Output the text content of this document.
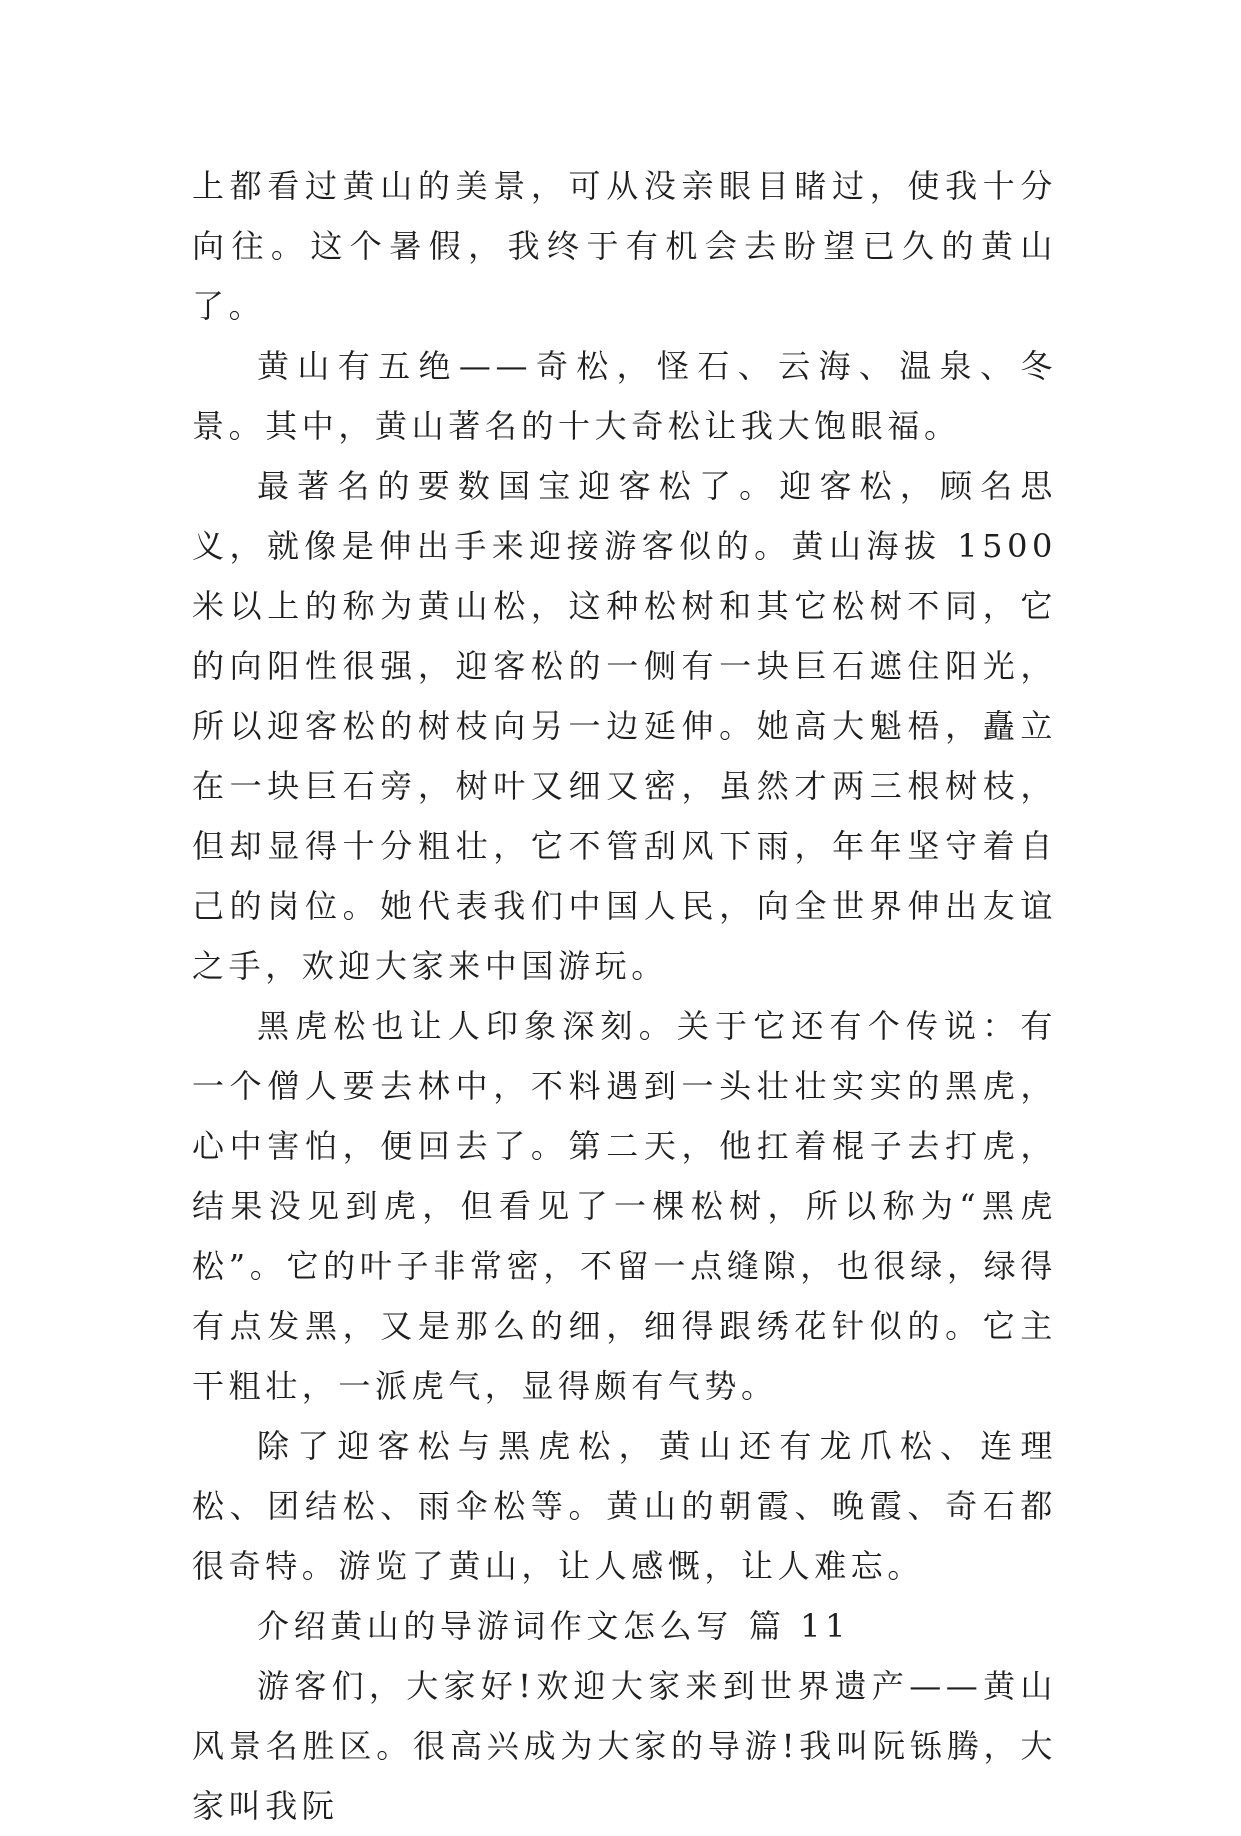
上都看过黄山的美景，可从没亲眼目睹过，使我十分向往。这个暑假，我终于有机会去盼望已久的黄山了。

黄山有五绝——奇松，怪石、云海、温泉、冬景。其中，黄山著名的十大奇松让我大饱眼福。

最著名的要数国宝迎客松了。迎客松，顾名思义，就像是伸出手来迎接游客似的。黄山海拔 1500 米以上的称为黄山松，这种松树和其它松树不同，它的向阳性很强，迎客松的一侧有一块巨石遮住阳光，所以迎客松的树枝向另一边延伸。她高大魁梧，矗立在一块巨石旁，树叶又细又密，虽然才两三根树枝，但却显得十分粗壮，它不管刮风下雨，年年坚守着自己的岗位。她代表我们中国人民，向全世界伸出友谊之手，欢迎大家来中国游玩。

黑虎松也让人印象深刻。关于它还有个传说：有一个僧人要去林中，不料遇到一头壮壮实实的黑虎，心中害怕，便回去了。第二天，他扛着棍子去打虎，结果没见到虎，但看见了一棵松树，所以称为“黑虎松”。它的叶子非常密，不留一点缝隙，也很绿，绿得有点发黑，又是那么的细，细得跟绣花针似的。它主干粗壮，一派虎气，显得颇有气势。

除了迎客松与黑虎松，黄山还有龙爪松、连理松、团结松、雨伞松等。黄山的朝霞、晚霞、奇石都很奇特。游览了黄山，让人感慨，让人难忘。

介绍黄山的导游词作文怎么写 篇 11

游客们，大家好!欢迎大家来到世界遗产——黄山风景名胜区。很高兴成为大家的导游!我叫阮铄腾，大家叫我阮
